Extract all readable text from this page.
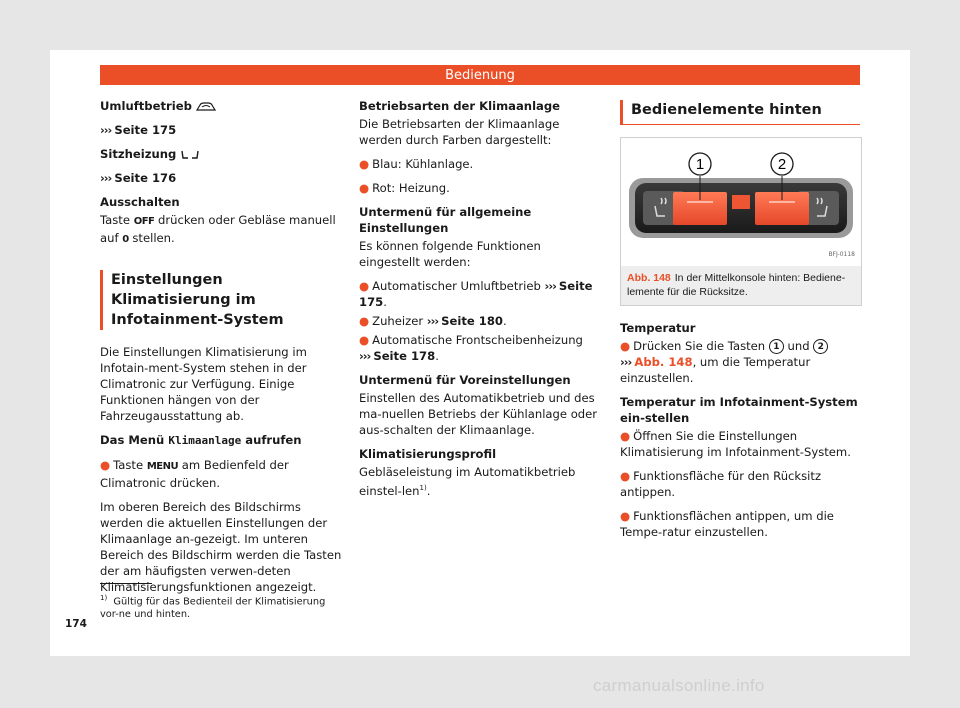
Bedienung

Umluftbetrieb

››› Seite 175

Sitzheizung

››› Seite 176

Ausschalten

Taste OFF drücken oder Gebläse manuell auf 0 stellen.

Einstellungen Klimatisierung im Infotainment-System

Die Einstellungen Klimatisierung im Infotain-ment-System stehen in der Climatronic zur Verfügung. Einige Funktionen hängen von der Fahrzeugausstattung ab.

Das Menü Klimaanlage aufrufen

● Taste MENU am Bedienfeld der Climatronic drücken.

Im oberen Bereich des Bildschirms werden die aktuellen Einstellungen der Klimaanlage an-gezeigt. Im unteren Bereich des Bildschirm werden die Tasten der am häufigsten verwen-deten Klimatisierungsfunktionen angezeigt.

Betriebsarten der Klimaanlage

Die Betriebsarten der Klimaanlage werden durch Farben dargestellt:

● Blau: Kühlanlage.

● Rot: Heizung.

Untermenü für allgemeine Einstellungen

Es können folgende Funktionen eingestellt werden:

● Automatischer Umluftbetrieb ››› Seite 175.

● Zuheizer ››› Seite 180.

● Automatische Frontscheibenheizung ››› Seite 178.

Untermenü für Voreinstellungen

Einstellen des Automatikbetrieb und des ma-nuellen Betriebs der Kühlanlage oder aus-schalten der Klimaanlage.

Klimatisierungsprofil

Gebläseleistung im Automatikbetrieb einstel-len$^{1)}$.

Bedienelemente hinten
1	2
BFJ-0118
Abb. 148 In der Mittelkonsole hinten: Bediene-lemente für die Rücksitze.

Temperatur

● Drücken Sie die Tasten 1 und 2 ››› Abb. 148, um die Temperatur einzustellen.

Temperatur im Infotainment-System ein-stellen

● Öffnen Sie die Einstellungen Klimatisierung im Infotainment-System.

● Funktionsfläche für den Rücksitz antippen.

● Funktionsflächen antippen, um die Tempe-ratur einzustellen.

$^{1)}$ Gültig für das Bedienteil der Klimatisierung vor-ne und hinten.
174
carmanualsonline.info
